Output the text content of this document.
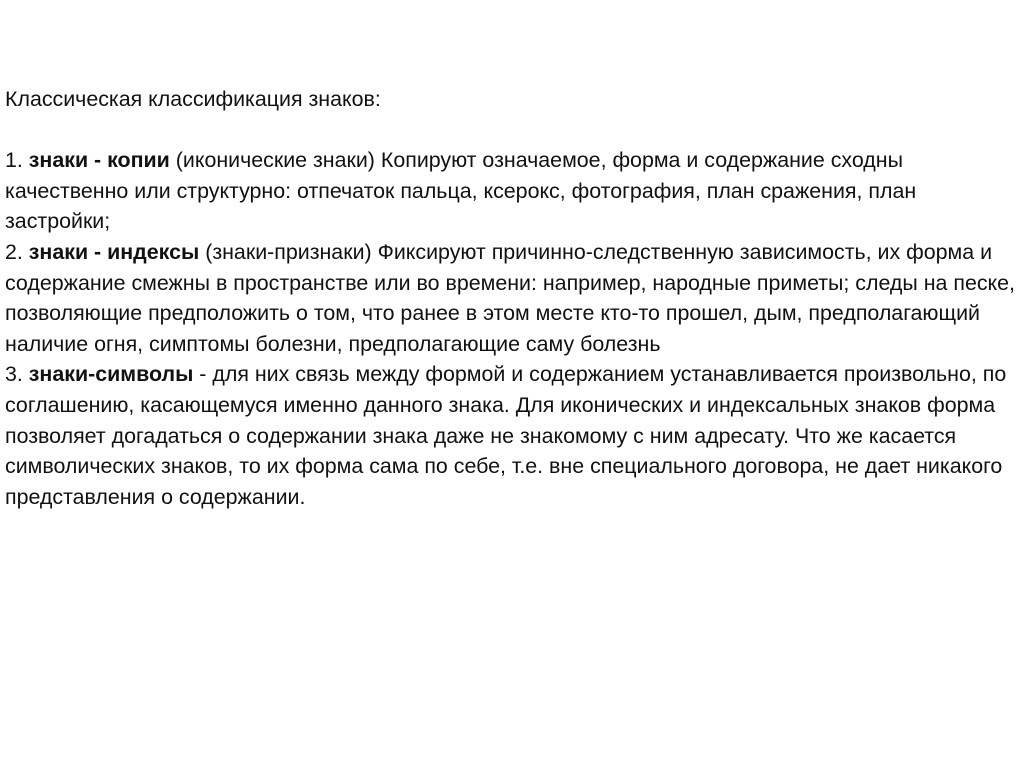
Классическая классификация знаков:

1. знаки - копии (иконические знаки) Копируют означаемое, форма и содержание сходны качественно или структурно: отпечаток пальца, ксерокс, фотография, план сражения, план застройки;

2. знаки - индексы (знаки-признаки) Фиксируют причинно-следственную зависимость, их форма и содержание смежны в пространстве или во времени: например, народные приметы; следы на песке, позволяющие предположить о том, что ранее в этом месте кто-то прошел, дым, предполагающий наличие огня, симптомы болезни, предполагающие саму болезнь

3. знаки-символы - для них связь между формой и содержанием устанавливается произвольно, по соглашению, касающемуся именно данного знака. Для иконических и индексальных знаков форма позволяет догадаться о содержании знака даже не знакомому с ним адресату. Что же касается символических знаков, то их форма сама по себе, т.е. вне специального договора, не дает никакого представления о содержании.
